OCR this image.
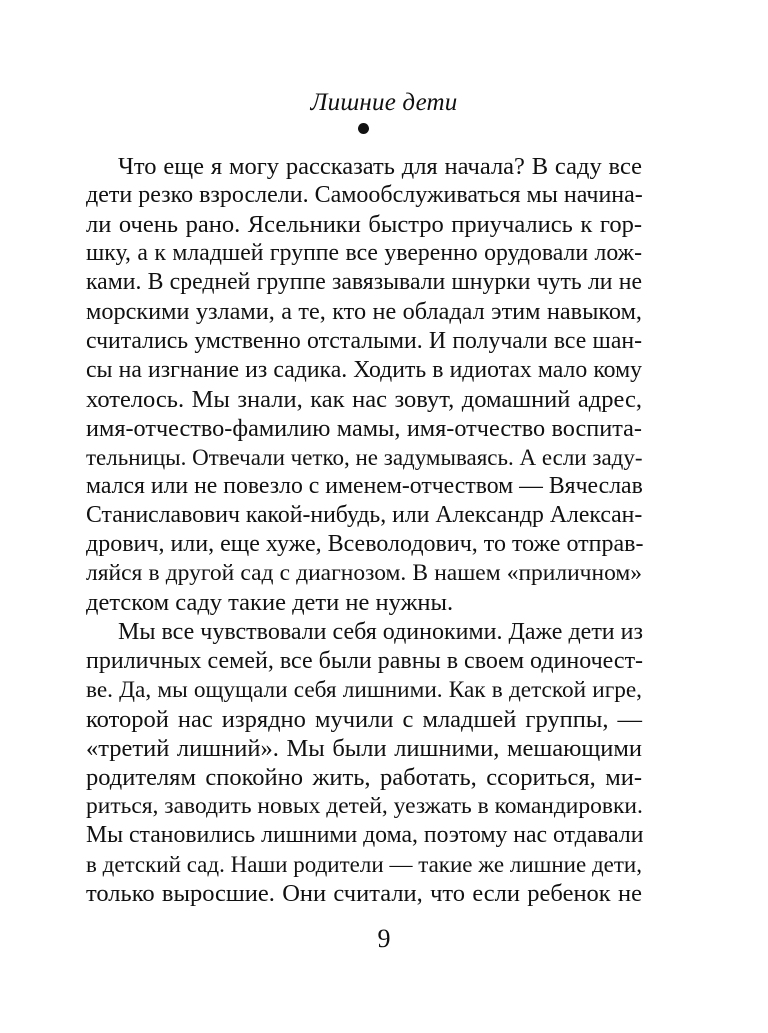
Лишние дети
Что еще я могу рассказать для начала? В саду все
дети резко взрослели. Самообслуживаться мы начина-
ли очень рано. Ясельники быстро приучались к гор-
шку, а к младшей группе все уверенно орудовали лож-
ками. В средней группе завязывали шнурки чуть ли не
морскими узлами, а те, кто не обладал этим навыком,
считались умственно отсталыми. И получали все шан-
сы на изгнание из садика. Ходить в идиотах мало кому
хотелось. Мы знали, как нас зовут, домашний адрес,
имя-отчество-фамилию мамы, имя-отчество воспита-
тельницы. Отвечали четко, не задумываясь. А если заду-
мался или не повезло с именем-отчеством — Вячеслав
Станиславович какой-нибудь, или Александр Алексан-
дрович, или, еще хуже, Всеволодович, то тоже отправ-
ляйся в другой сад с диагнозом. В нашем «приличном»
детском саду такие дети не нужны.
Мы все чувствовали себя одинокими. Даже дети из
приличных семей, все были равны в своем одиночест-
ве. Да, мы ощущали себя лишними. Как в детской игре,
которой нас изрядно мучили с младшей группы, —
«третий лишний». Мы были лишними, мешающими
родителям спокойно жить, работать, ссориться, ми-
риться, заводить новых детей, уезжать в командировки.
Мы становились лишними дома, поэтому нас отдавали
в детский сад. Наши родители — такие же лишние дети,
только выросшие. Они считали, что если ребенок не
9
